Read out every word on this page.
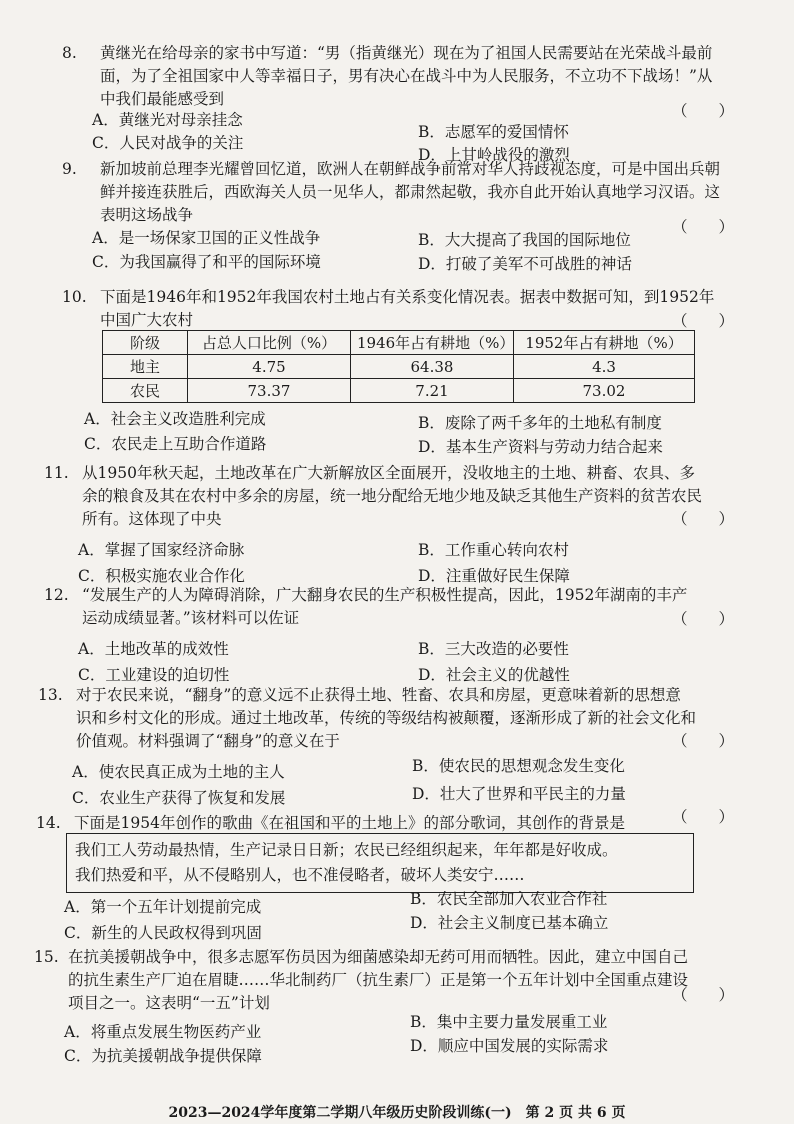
8. 黄继光在给母亲的家书中写道：“男（指黄继光）现在为了祖国人民需要站在光荣战斗最前
面，为了全祖国家中人等幸福日子，男有决心在战斗中为人民服务，不立功不下战场！”从
中我们最能感受到
（　　）
A．黄继光对母亲挂念
B．志愿军的爱国情怀
C．人民对战争的关注
D．上甘岭战役的激烈
9. 新加坡前总理李光耀曾回忆道，欧洲人在朝鲜战争前常对华人持歧视态度，可是中国出兵朝
鲜并接连获胜后，西欧海关人员一见华人，都肃然起敬，我亦自此开始认真地学习汉语。这
表明这场战争
（　　）
A．是一场保家卫国的正义性战争	B．大大提高了我国的国际地位
C．为我国赢得了和平的国际环境	D．打破了美军不可战胜的神话
10. 下面是1946年和1952年我国农村土地占有关系变化情况表。据表中数据可知，到1952年
中国广大农村	（　　）
阶级	占总人口比例（%）	1946年占有耕地（%）	1952年占有耕地（%）
地主	4.75	64.38	4.3
农民	73.37	7.21	73.02
A．社会主义改造胜利完成	B．废除了两千多年的土地私有制度
C．农民走上互助合作道路	D．基本生产资料与劳动力结合起来
11. 从1950年秋天起，土地改革在广大新解放区全面展开，没收地主的土地、耕畜、农具、多
余的粮食及其在农村中多余的房屋，统一地分配给无地少地及缺乏其他生产资料的贫苦农民
所有。这体现了中央	（　　）
A．掌握了国家经济命脉	B．工作重心转向农村
C．积极实施农业合作化	D．注重做好民生保障
12. “发展生产的人为障碍消除，广大翻身农民的生产积极性提高，因此，1952年湖南的丰产
运动成绩显著。”该材料可以佐证	（　　）
A．土地改革的成效性	B．三大改造的必要性
C．工业建设的迫切性	D．社会主义的优越性
13. 对于农民来说，“翻身”的意义远不止获得土地、牲畜、农具和房屋，更意味着新的思想意
识和乡村文化的形成。通过土地改革，传统的等级结构被颠覆，逐渐形成了新的社会文化和
价值观。材料强调了“翻身”的意义在于	（　　）
A．使农民真正成为土地的主人	B．使农民的思想观念发生变化
C．农业生产获得了恢复和发展	D．壮大了世界和平民主的力量
14. 下面是1954年创作的歌曲《在祖国和平的土地上》的部分歌词，其创作的背景是	（　　）
我们工人劳动最热情，生产记录日日新；农民已经组织起来，年年都是好收成。
我们热爱和平，从不侵略别人，也不准侵略者，破坏人类安宁……
A．第一个五年计划提前完成	B．农民全部加入农业合作社
C．新生的人民政权得到巩固
D．社会主义制度已基本确立
15. 在抗美援朝战争中，很多志愿军伤员因为细菌感染却无药可用而牺牲。因此，建立中国自己
的抗生素生产厂迫在眉睫……华北制药厂（抗生素厂）正是第一个五年计划中全国重点建设
项目之一。这表明“一五”计划	（　　）
A．将重点发展生物医药产业
B．集中主要力量发展重工业
C．为抗美援朝战争提供保障
D．顺应中国发展的实际需求
2023—2024学年度第二学期八年级历史阶段训练(一)　第 2 页 共 6 页
